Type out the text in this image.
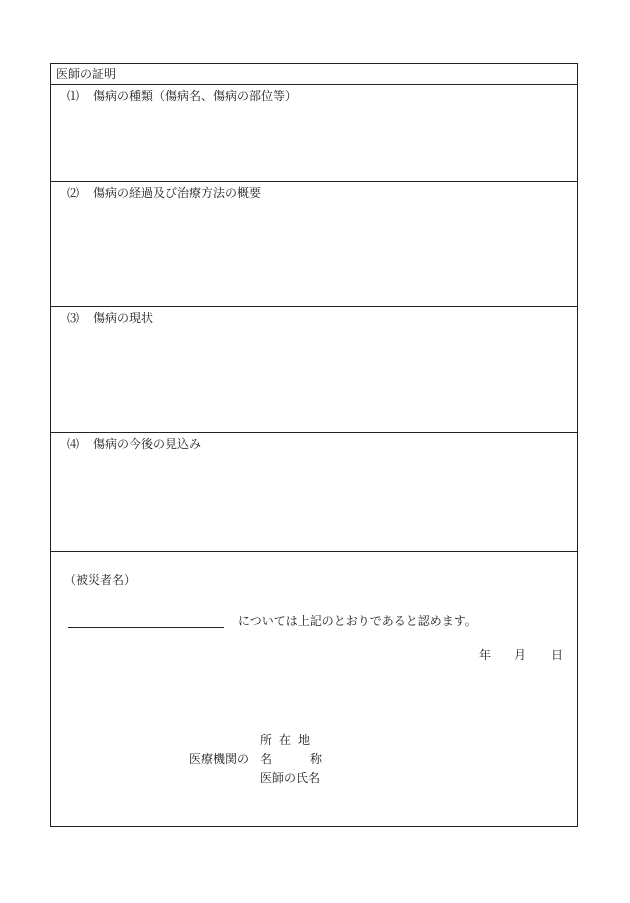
医師の証明
⑴ 傷病の種類（傷病名、傷病の部位等）
⑵ 傷病の経過及び治療方法の概要
⑶ 傷病の現状
⑷ 傷病の今後の見込み
（被災者名）
については上記のとおりであると認めます。
年 月 日
所在地
医療機関の 名	称
医師の氏名
